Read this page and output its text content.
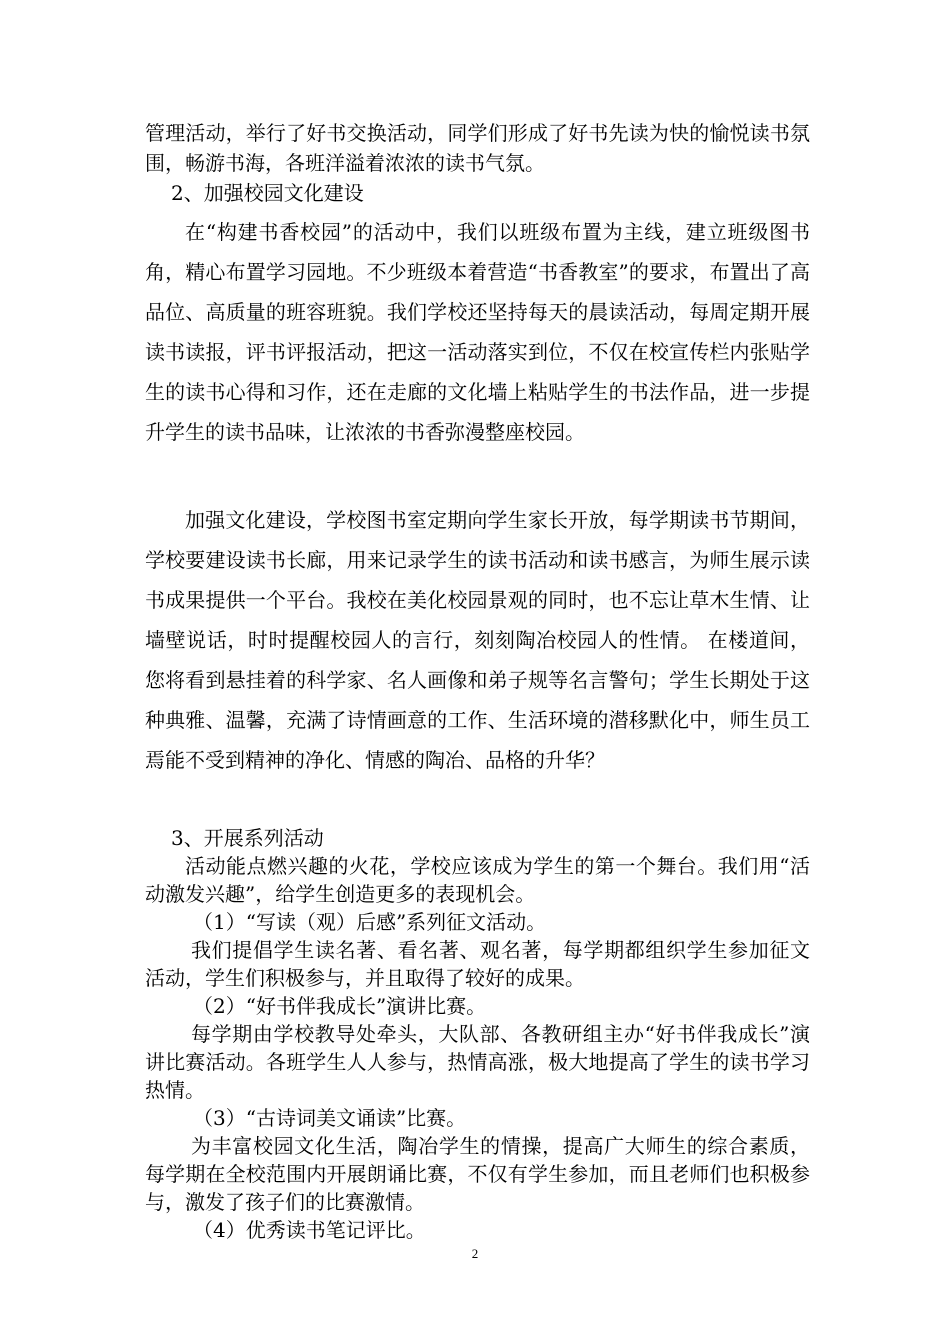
管理活动，举行了好书交换活动，同学们形成了好书先读为快的愉悦读书氛围，畅游书海，各班洋溢着浓浓的读书气氛。

2、加强校园文化建设

在“构建书香校园”的活动中，我们以班级布置为主线，建立班级图书角，精心布置学习园地。不少班级本着营造“书香教室”的要求，布置出了高品位、高质量的班容班貌。我们学校还坚持每天的晨读活动，每周定期开展读书读报，评书评报活动，把这一活动落实到位，不仅在校宣传栏内张贴学生的读书心得和习作，还在走廊的文化墙上粘贴学生的书法作品，进一步提升学生的读书品味，让浓浓的书香弥漫整座校园。

加强文化建设，学校图书室定期向学生家长开放，每学期读书节期间，学校要建设读书长廊，用来记录学生的读书活动和读书感言，为师生展示读书成果提供一个平台。我校在美化校园景观的同时，也不忘让草木生情、让墙壁说话，时时提醒校园人的言行，刻刻陶冶校园人的性情。 在楼道间，您将看到悬挂着的科学家、名人画像和弟子规等名言警句；学生长期处于这种典雅、温馨，充满了诗情画意的工作、生活环境的潜移默化中，师生员工焉能不受到精神的净化、情感的陶冶、品格的升华？

3、开展系列活动

活动能点燃兴趣的火花，学校应该成为学生的第一个舞台。我们用“活动激发兴趣”，给学生创造更多的表现机会。

（1）“写读（观）后感”系列征文活动。

我们提倡学生读名著、看名著、观名著，每学期都组织学生参加征文活动，学生们积极参与，并且取得了较好的成果。

（2）“好书伴我成长”演讲比赛。

每学期由学校教导处牵头，大队部、各教研组主办“好书伴我成长”演讲比赛活动。各班学生人人参与，热情高涨，极大地提高了学生的读书学习热情。

（3）“古诗词美文诵读”比赛。

为丰富校园文化生活，陶冶学生的情操，提高广大师生的综合素质，每学期在全校范围内开展朗诵比赛，不仅有学生参加，而且老师们也积极参与，激发了孩子们的比赛激情。

（4）优秀读书笔记评比。

2
